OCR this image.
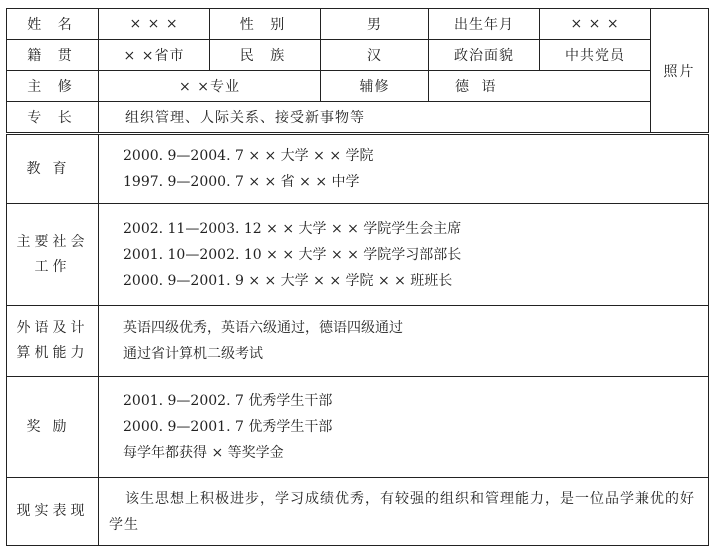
姓 名	× × ×	性 别	男	出生年月	× × ×	照片
籍 贯	× ×省市	民 族	汉	政治面貌	中共党员	
主 修	× ×专业		辅修	德 语		
专 长	组织管理、人际关系、接受新事物等					
教育	2000. 9—2004. 7 × × 大学 × × 学院
1997. 9—2000. 7 × × 省 × × 中学

主要社会
工作	2002. 11—2003. 12 × × 大学 × × 学院学生会主席
2001. 10—2002. 10 × × 大学 × × 学院学习部部长
2000. 9—2001. 9 × × 大学 × × 学院 × × 班班长

外语及计
算机能力	英语四级优秀，英语六级通过，德语四级通过
通过省计算机二级考试

奖励	2001. 9—2002. 7 优秀学生干部
2000. 9—2001. 7 优秀学生干部
每学年都获得 × 等奖学金

现实表现	该生思想上积极进步，学习成绩优秀，有较强的组织和管理能力，是一位品学兼优的好学生
